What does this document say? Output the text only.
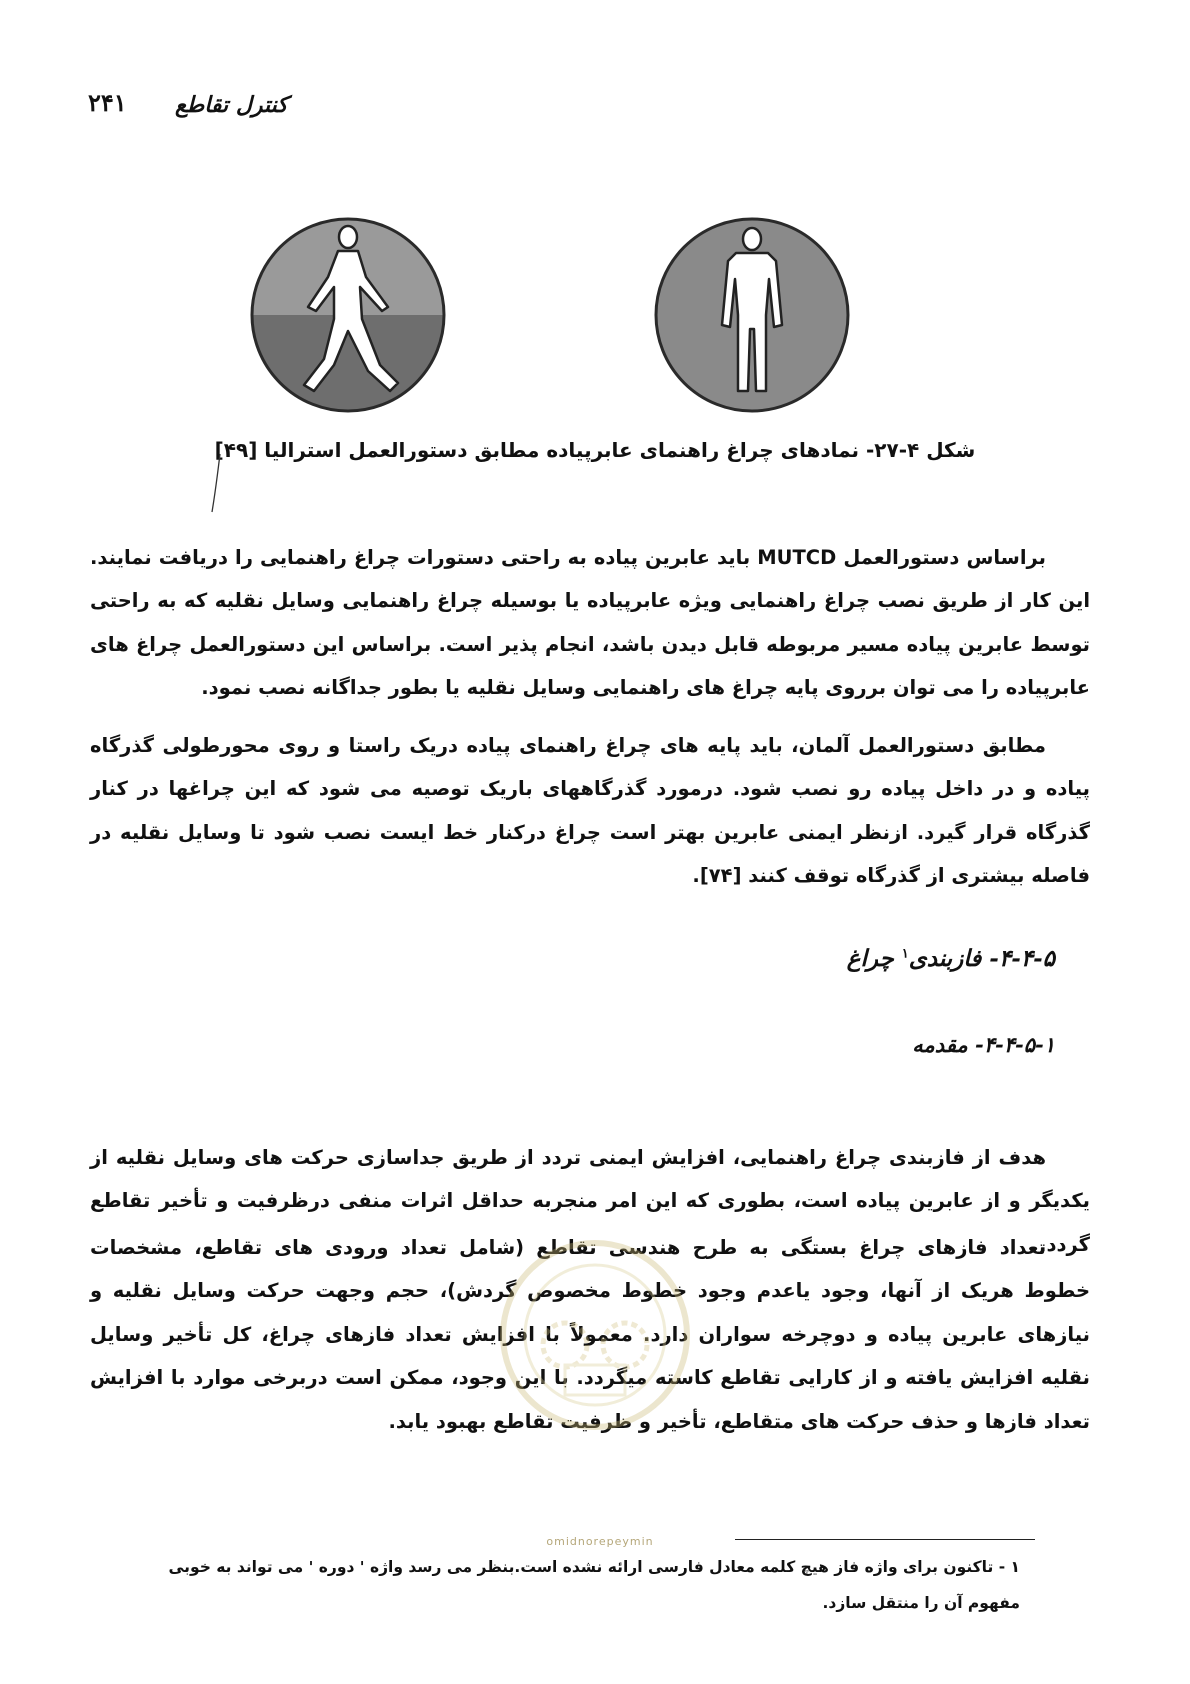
۲۴۱ کنترل تقاطع
شکل ۴-۲۷- نمادهای چراغ راهنمای عابرپیاده مطابق دستورالعمل استرالیا [۴۹]

براساس دستورالعمل MUTCD باید عابرین پیاده به راحتی دستورات چراغ راهنمایی را دریافت نمایند. این کار از طریق نصب چراغ راهنمایی ویژه عابرپیاده یا بوسیله چراغ راهنمایی وسایل نقلیه که به راحتی توسط عابرین پیاده مسیر مربوطه قابل دیدن باشد، انجام پذیر است. براساس این دستورالعمل چراغ های عابرپیاده را می توان برروی پایه چراغ های راهنمایی وسایل نقلیه یا بطور جداگانه نصب نمود.

مطابق دستورالعمل آلمان، باید پایه های چراغ راهنمای پیاده دریک راستا و روی محورطولی گذرگاه پیاده و در داخل پیاده رو نصب شود. درمورد گذرگاههای باریک توصیه می شود که این چراغها در کنار گذرگاه قرار گیرد. ازنظر ایمنی عابرین بهتر است چراغ درکنار خط ایست نصب شود تا وسایل نقلیه در فاصله بیشتری از گذرگاه توقف کنند [۷۴].

۴-۴-۵- فازبندی$^۱$ چراغ
۴-۴-۵-۱- مقدمه

هدف از فازبندی چراغ راهنمایی، افزایش ایمنی تردد از طریق جداسازی حرکت های وسایل نقلیه از یکدیگر و از عابرین پیاده است، بطوری که این امر منجربه حداقل اثرات منفی درظرفیت و تأخیر تقاطع گردد.

تعداد فازهای چراغ بستگی به طرح هندسی تقاطع (شامل تعداد ورودی های تقاطع، مشخصات خطوط هریک از آنها، وجود یاعدم وجود خطوط مخصوص گردش)، حجم وجهت حرکت وسایل نقلیه و نیازهای عابرین پیاده و دوچرخه سواران دارد. معمولاً با افزایش تعداد فازهای چراغ، کل تأخیر وسایل نقلیه افزایش یافته و از کارایی تقاطع کاسته میگردد. با این وجود، ممکن است دربرخی موارد با افزایش تعداد فازها و حذف حرکت های متقاطع، تأخیر و ظرفیت تقاطع بهبود یابد.

omidnorepeymin
۱ - تاکنون برای واژه فاز هیچ کلمه معادل فارسی ارائه نشده است.بنظر می رسد واژه ' دوره ' می تواند به خوبی مفهوم آن را منتقل سازد.
